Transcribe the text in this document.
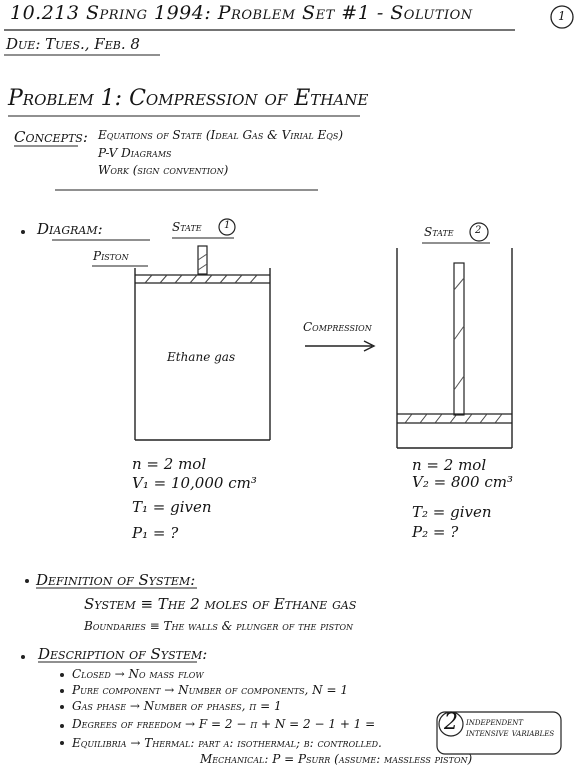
10.213 Spring 1994: Problem Set #1 - Solution	1
Due: Tues., Feb. 8
Problem 1: Compression of Ethane
Concepts: Equations of State (Ideal Gas & Virial Eqs)
P-V Diagrams
Work (sign convention)
Diagram:	State 1	State 2
Piston
Ethane gas
Compression
n = 2 mol
V₁ = 10,000 cm³
T₁ = given
P₁ = ?
n = 2 mol
V₂ = 800 cm³
T₂ = given
P₂ = ?
Definition of System:
System ≡ The 2 moles of Ethane gas
Boundaries ≡ The walls & plunger of the piston
Description of System:
Closed → No mass flow
Pure component → Number of components, N = 1
Gas phase → Number of phases, π = 1
Degrees of freedom → F = 2 − π + N = 2 − 1 + 1 =	2 independent intensive variables
Equilibria → Thermal: part a: isothermal; b: controlled.
Mechanical: P = Psurr (assume: massless piston)
